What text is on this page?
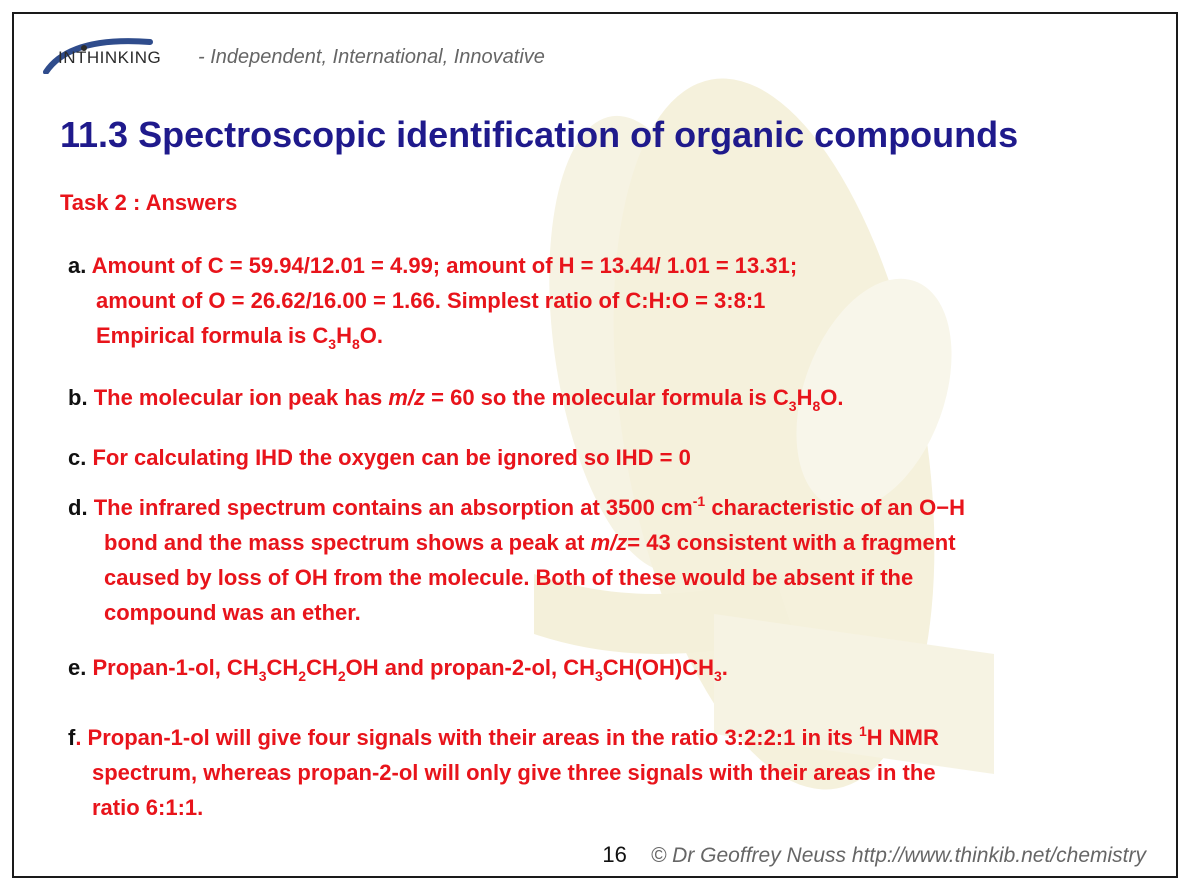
INTHINKING - Independent, International, Innovative
11.3 Spectroscopic identification of organic compounds
Task 2 : Answers
a. Amount of C = 59.94/12.01 = 4.99; amount of H = 13.44/ 1.01 = 13.31;
amount of O = 26.62/16.00 = 1.66. Simplest ratio of C:H:O = 3:8:1
Empirical formula is $C_3H_8O$.
b. The molecular ion peak has m/z = 60 so the molecular formula is $C_3H_8O$.
c. For calculating IHD the oxygen can be ignored so IHD = 0
d. The infrared spectrum contains an absorption at 3500 $cm^{-1}$ characteristic of an O−H
bond and the mass spectrum shows a peak at m/z= 43 consistent with a fragment
caused by loss of OH from the molecule. Both of these would be absent if the
compound was an ether.
e. Propan-1-ol, $CH_3CH_2CH_2OH$ and propan-2-ol, $CH_3CH(OH)CH_3$.
f. Propan-1-ol will give four signals with their areas in the ratio 3:2:2:1 in its $^1$H NMR
spectrum, whereas propan-2-ol will only give three signals with their areas in the
ratio 6:1:1.
16 © Dr Geoffrey Neuss http://www.thinkib.net/chemistry
